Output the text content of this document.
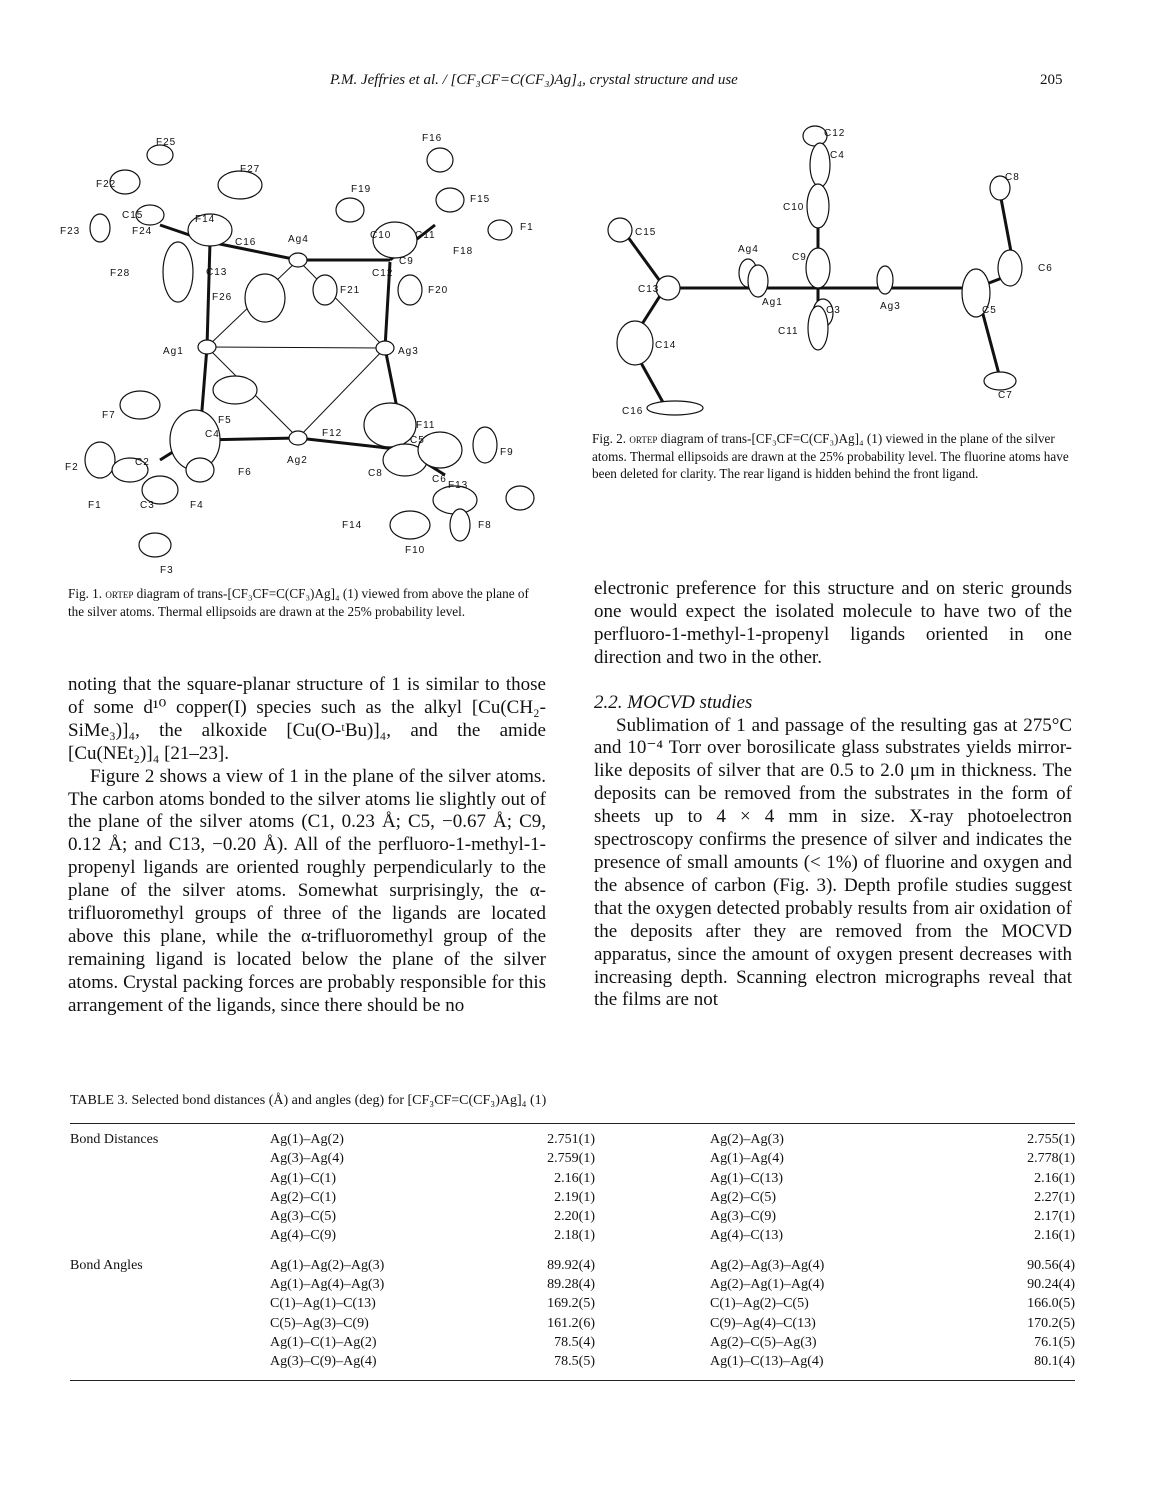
P.M. Jeffries et al. / [CF₃CF=C(CF₃)Ag]₄, crystal structure and use	205
F25	F16
F27
F22	F19
F15
C15	F14
F23	F24
C16	Ag4	C10 C11
F1
F18
F28	C13	C12
C9
F26
F21	F20
Ag1	Ag3
F11
F7	F5
C4	F12
C5
F9
F2	C2
F6
Ag2
C8
C6
F13
F1	C3	F4
F14	F8
F10
F3
Fig. 1. ortep diagram of trans-[CF₃CF=C(CF₃)Ag]₄ (1) viewed from above the plane of the silver atoms. Thermal ellipsoids are drawn at the 25% probability level.
C12
C4
C8
C10
C15
Ag4
C9
C6
C13
C3	Ag3	C5
Ag1
C11
C14
C7
C16
Fig. 2. ortep diagram of trans-[CF₃CF=C(CF₃)Ag]₄ (1) viewed in the plane of the silver atoms. Thermal ellipsoids are drawn at the 25% probability level. The fluorine atoms have been deleted for clarity. The rear ligand is hidden behind the front ligand.

noting that the square-planar structure of 1 is similar to those of some d¹⁰ copper(I) species such as the alkyl [Cu(CH₂-SiMe₃)]₄, the alkoxide [Cu(O-ᵗBu)]₄, and the amide [Cu(NEt₂)]₄ [21–23].

Figure 2 shows a view of 1 in the plane of the silver atoms. The carbon atoms bonded to the silver atoms lie slightly out of the plane of the silver atoms (C1, 0.23 Å; C5, −0.67 Å; C9, 0.12 Å; and C13, −0.20 Å). All of the perfluoro-1-methyl-1-propenyl ligands are oriented roughly perpendicularly to the plane of the silver atoms. Somewhat surprisingly, the α-trifluoromethyl groups of three of the ligands are located above this plane, while the α-trifluoromethyl group of the remaining ligand is located below the plane of the silver atoms. Crystal packing forces are probably responsible for this arrangement of the ligands, since there should be no

electronic preference for this structure and on steric grounds one would expect the isolated molecule to have two of the perfluoro-1-methyl-1-propenyl ligands oriented in one direction and two in the other.

2.2. MOCVD studies

Sublimation of 1 and passage of the resulting gas at 275°C and 10⁻⁴ Torr over borosilicate glass substrates yields mirror-like deposits of silver that are 0.5 to 2.0 μm in thickness. The deposits can be removed from the substrates in the form of sheets up to 4 × 4 mm in size. X-ray photoelectron spectroscopy confirms the presence of silver and indicates the presence of small amounts (< 1%) of fluorine and oxygen and the absence of carbon (Fig. 3). Depth profile studies suggest that the oxygen detected probably results from air oxidation of the deposits after they are removed from the MOCVD apparatus, since the amount of oxygen present decreases with increasing depth. Scanning electron micrographs reveal that the films are not

TABLE 3. Selected bond distances (Å) and angles (deg) for [CF₃CF=C(CF₃)Ag]₄ (1)
Bond Distances	Ag(1)–Ag(2)	2.751(1)	Ag(2)–Ag(3)	2.755(1)
Ag(3)–Ag(4)	2.759(1)	Ag(1)–Ag(4)	2.778(1)
Ag(1)–C(1)	2.16(1)	Ag(1)–C(13)	2.16(1)
Ag(2)–C(1)	2.19(1)	Ag(2)–C(5)	2.27(1)
Ag(3)–C(5)	2.20(1)	Ag(3)–C(9)	2.17(1)
Ag(4)–C(9)	2.18(1)	Ag(4)–C(13)	2.16(1)
Bond Angles	Ag(1)–Ag(2)–Ag(3)	89.92(4)	Ag(2)–Ag(3)–Ag(4)	90.56(4)
Ag(1)–Ag(4)–Ag(3)	89.28(4)	Ag(2)–Ag(1)–Ag(4)	90.24(4)
C(1)–Ag(1)–C(13)	169.2(5)	C(1)–Ag(2)–C(5)	166.0(5)
C(5)–Ag(3)–C(9)	161.2(6)	C(9)–Ag(4)–C(13)	170.2(5)
Ag(1)–C(1)–Ag(2)	78.5(4)	Ag(2)–C(5)–Ag(3)	76.1(5)
Ag(3)–C(9)–Ag(4)	78.5(5)	Ag(1)–C(13)–Ag(4)	80.1(4)
